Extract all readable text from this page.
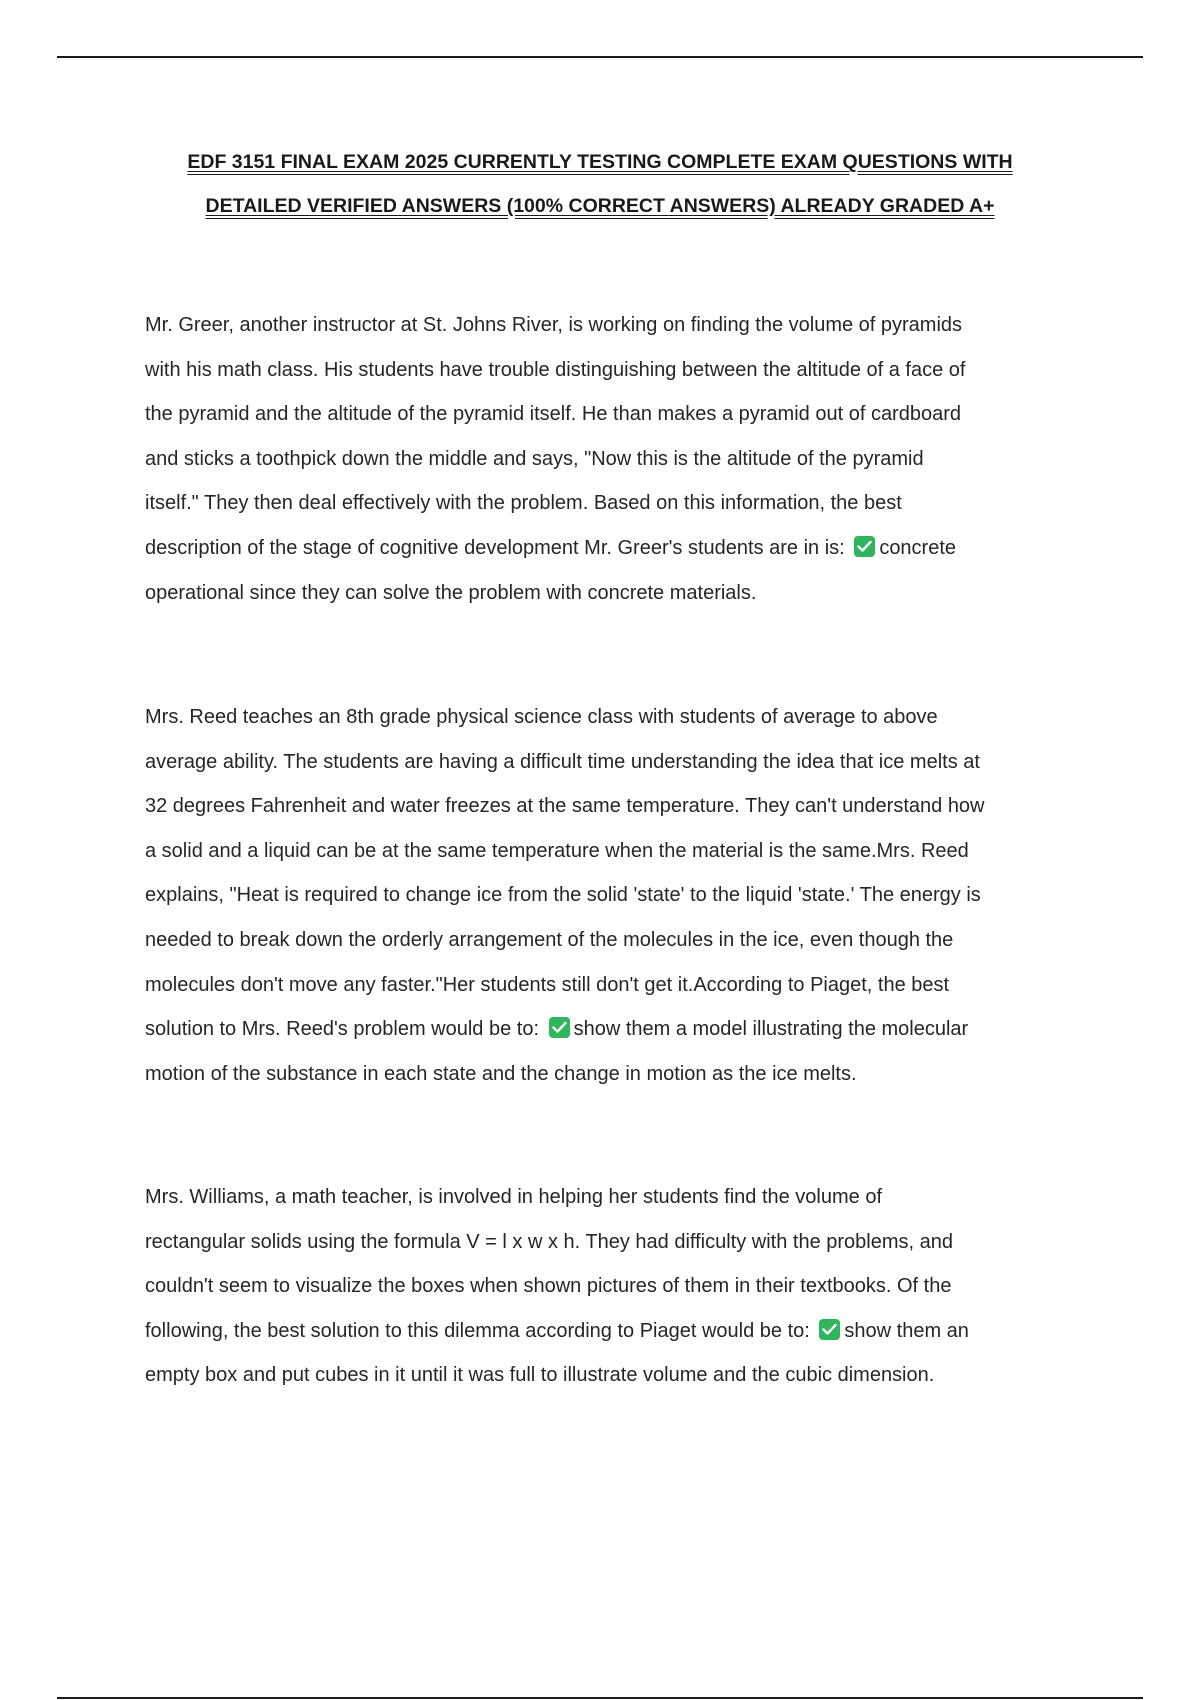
EDF 3151 FINAL EXAM 2025 CURRENTLY TESTING COMPLETE EXAM QUESTIONS WITH
DETAILED VERIFIED ANSWERS (100% CORRECT ANSWERS) ALREADY GRADED A+
Mr. Greer, another instructor at St. Johns River, is working on finding the volume of pyramids
with his math class. His students have trouble distinguishing between the altitude of a face of
the pyramid and the altitude of the pyramid itself. He than makes a pyramid out of cardboard
and sticks a toothpick down the middle and says, "Now this is the altitude of the pyramid
itself." They then deal effectively with the problem. Based on this information, the best
description of the stage of cognitive development Mr. Greer's students are in is: concrete
operational since they can solve the problem with concrete materials.
Mrs. Reed teaches an 8th grade physical science class with students of average to above
average ability. The students are having a difficult time understanding the idea that ice melts at
32 degrees Fahrenheit and water freezes at the same temperature. They can't understand how
a solid and a liquid can be at the same temperature when the material is the same.Mrs. Reed
explains, "Heat is required to change ice from the solid 'state' to the liquid 'state.' The energy is
needed to break down the orderly arrangement of the molecules in the ice, even though the
molecules don't move any faster."Her students still don't get it.According to Piaget, the best
solution to Mrs. Reed's problem would be to: show them a model illustrating the molecular
motion of the substance in each state and the change in motion as the ice melts.
Mrs. Williams, a math teacher, is involved in helping her students find the volume of
rectangular solids using the formula V = l x w x h. They had difficulty with the problems, and
couldn't seem to visualize the boxes when shown pictures of them in their textbooks. Of the
following, the best solution to this dilemma according to Piaget would be to: show them an
empty box and put cubes in it until it was full to illustrate volume and the cubic dimension.
